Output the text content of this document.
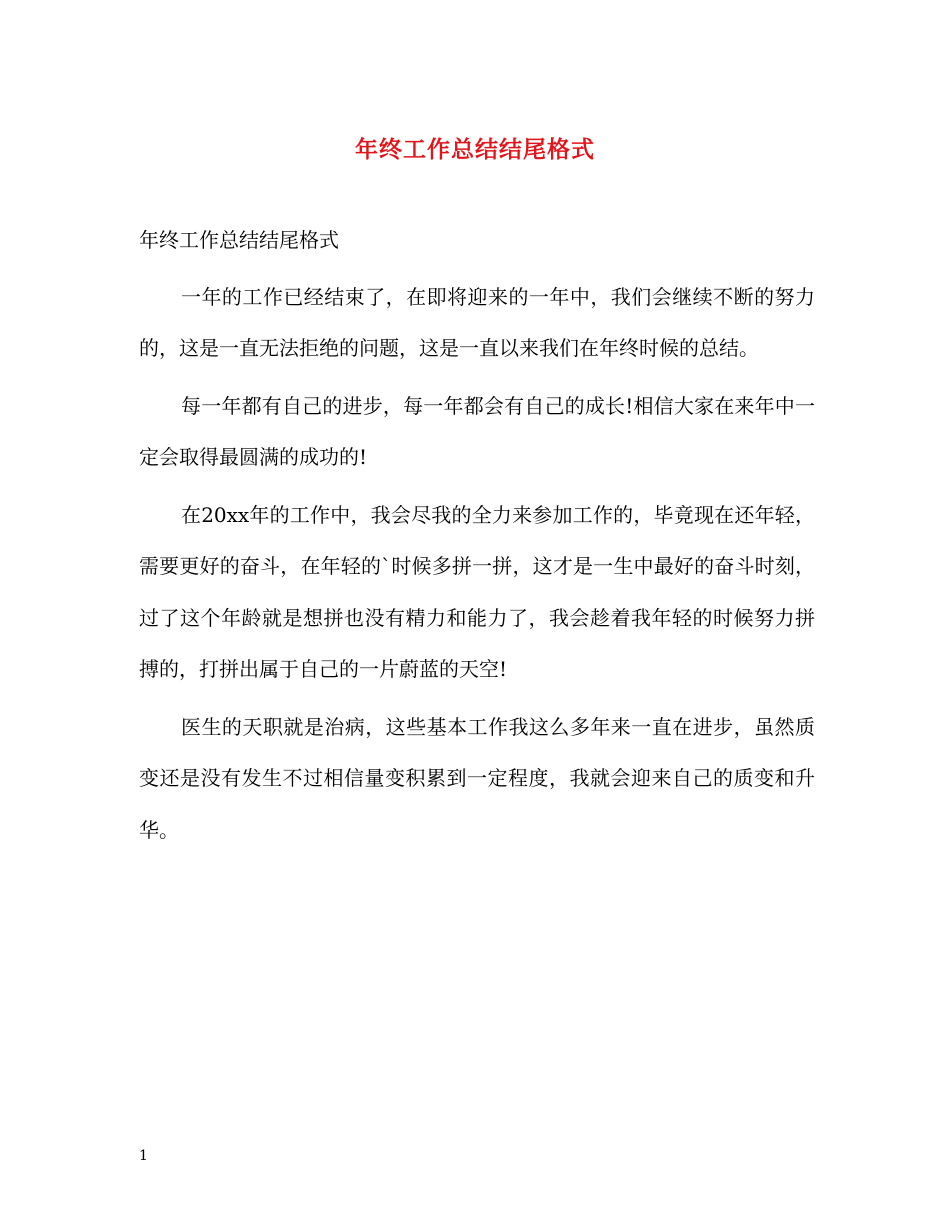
年终工作总结结尾格式

年终工作总结结尾格式

一年的工作已经结束了，在即将迎来的一年中，我们会继续不断的努力的，这是一直无法拒绝的问题，这是一直以来我们在年终时候的总结。

每一年都有自己的进步，每一年都会有自己的成长!相信大家在来年中一定会取得最圆满的成功的!

在20xx年的工作中，我会尽我的全力来参加工作的，毕竟现在还年轻，需要更好的奋斗，在年轻的`时候多拼一拼，这才是一生中最好的奋斗时刻，过了这个年龄就是想拼也没有精力和能力了，我会趁着我年轻的时候努力拼搏的，打拼出属于自己的一片蔚蓝的天空!

医生的天职就是治病，这些基本工作我这么多年来一直在进步，虽然质变还是没有发生不过相信量变积累到一定程度，我就会迎来自己的质变和升华。

1
